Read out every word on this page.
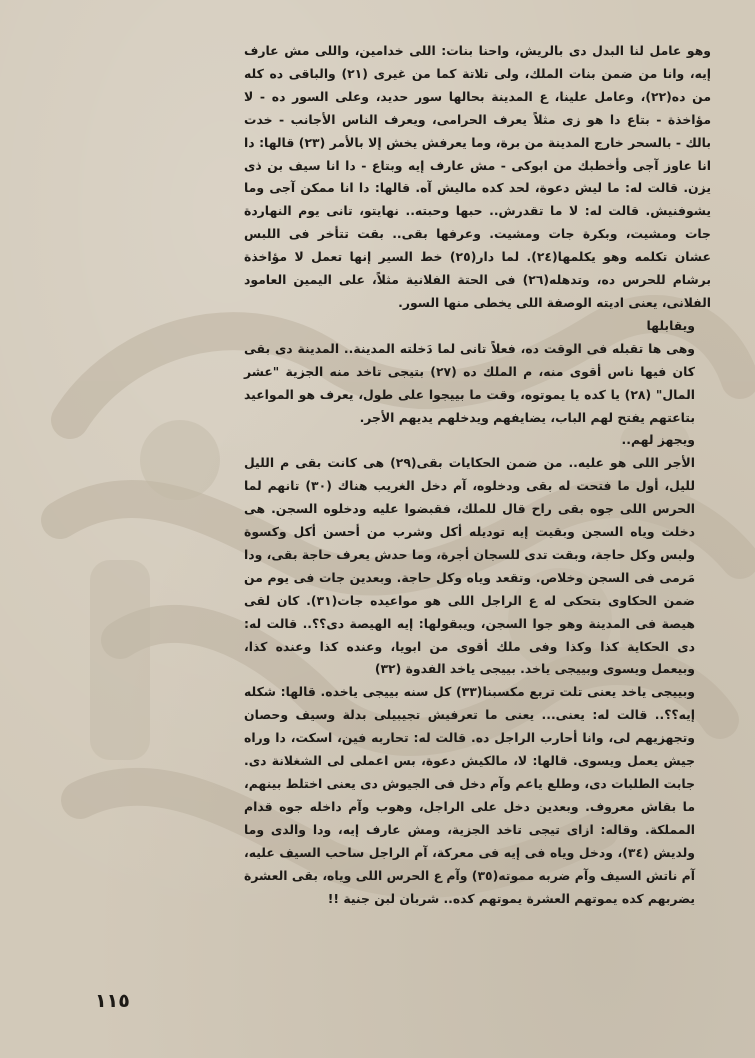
وهو عامل لنا البدل دى بالريش، واحنا بنات: اللى خدامين، واللى مش عارف إيه، وانا من ضمن بنات الملك، ولى تلاتة كما من غيرى (٢١) والباقى ده كله من ده(٢٢)، وعامل علينا، ع المدينة بحالها سور حديد، وعلى السور ده - لا مؤاخذة - بتاع دا هو زى مثلاً يعرف الحرامى، ويعرف الناس الأجانب - خدت بالك - بالسحر خارج المدينة من برة، وما يعرفش يخش إلا بالأمر (٢٣) قالها: دا انا عاوز آجى وأخطبك من ابوكى - مش عارف إيه وبتاع - دا انا سيف بن ذى يزن. قالت له: ما ليش دعوة، لحد كده ماليش آه. قالها: دا انا ممكن آجى وما يشوفنيش. قالت له: لا ما تقدرش.. حبها وحبته.. نهايتو، تانى يوم النهاردة جات ومشيت، وبكرة جات ومشيت. وعرفها بقى.. بقت تتأخر فى اللبس عشان تكلمه وهو يكلمها(٢٤). لما دار(٢٥) خط السير إنها تعمل لا مؤاخذة برشام للحرس ده، وتدهله(٢٦) فى الحتة الفلانية مثلاً، على اليمين العامود الفلانى، يعنى اديته الوصفة اللى يخطى منها السور.

ويقابلها

وهى ها تقبله فى الوقت ده، فعلاً تانى لما دَخلته المدينة.. المدينة دى بقى كان فيها ناس أقوى منه، م الملك ده (٢٧) بتيجى تاخد منه الجزية "عشر المال" (٢٨) يا كده يا يموتوه، وقت ما بييجوا على طول، يعرف هو المواعيد بتاعتهم يفتح لهم الباب، يضايفهم ويدخلهم يديهم الأجر.

ويجهز لهم..

الأجر اللى هو عليه.. من ضمن الحكايات بقى(٢٩) هى كانت بقى م الليل لليل، أول ما فتحت له بقى ودخلوه، آم دخل الغريب هناك (٣٠) تانهم لما الحرس اللى جوه بقى راح قال للملك، فقبضوا عليه ودخلوه السجن. هى دخلت وياه السجن وبقيت إيه توديله أكل وشرب من أحسن أكل وكسوة ولبس وكل حاجة، وبقت تدى للسجان أجرة، وما حدش يعرف حاجة بقى، ودا مَرمى فى السجن وخلاص. وتقعد وياه وكل حاجة. وبعدين جات فى يوم من ضمن الحكاوى بتحكى له ع الراجل اللى هو مواعيده جات(٣١). كان لقى هيصة فى المدينة وهو جوا السجن، ويبقولها: إيه الهيصة دى؟؟.. قالت له: دى الحكاية كذا وكذا وفى ملك أقوى من ابويا، وعنده كذا وعنده كذا، وبيعمل ويسوى وبييجى ياخد. بييجى ياخد الفدوة (٣٢)

وبييجى ياخد يعنى تلت تربع مكسبنا(٣٣) كل سنه بييجى ياخده. قالها: شكله إيه؟؟.. قالت له: يعنى... يعنى ما تعرفيش تجيبيلى بدلة وسيف وحصان وتجهزيهم لى، وانا أحارب الراجل ده. قالت له: تحاربه فين، اسكت، دا وراه جيش يعمل ويسوى. قالها: لا، مالكيش دعوة، بس اعملى لى الشغلانة دى. جابت الطلبات دى، وطلع ياعم وآم دخل فى الجيوش دى يعنى اختلط بينهم، ما بقاش معروف. وبعدين دخل على الراجل، وهوب وآم داخله جوه قدام المملكة. وقاله: ازاى تيجى تاخد الجزية، ومش عارف إيه، ودا والدى وما ولديش (٣٤)، ودخل وياه فى إيه فى معركة، آم الراجل ساحب السيف عليه، آم ناتش السيف وآم ضربه مموته(٣٥) وآم ع الحرس اللى وياه، بقى العشرة يضربهم كده يموتهم العشرة يموتهم كده.. شربان لبن جنية !!

١١٥
